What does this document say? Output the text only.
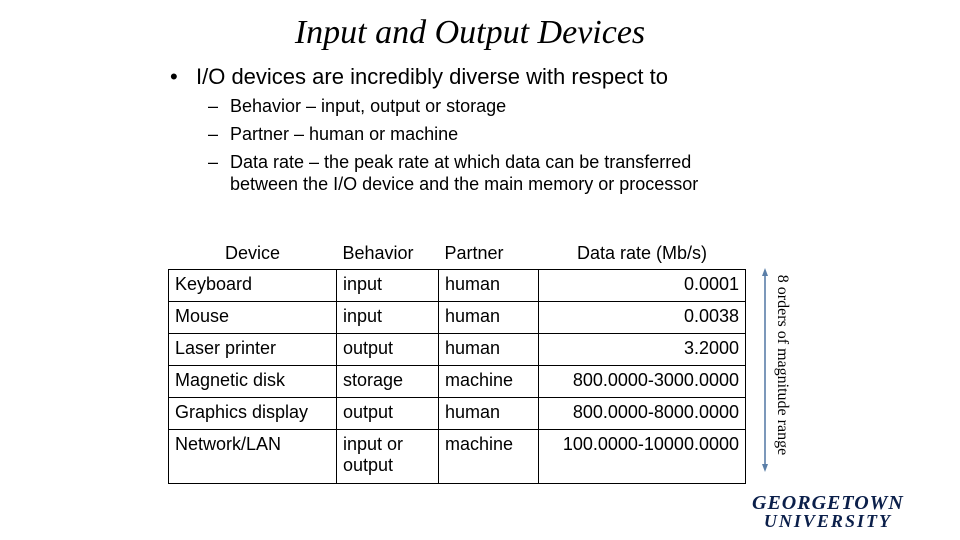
Input and Output Devices
• I/O devices are incredibly diverse with respect to
– Behavior – input, output or storage
– Partner – human or machine
– Data rate – the peak rate at which data can be transferred
between the I/O device and the main memory or processor
Device	Behavior	Partner	Data rate (Mb/s)
Keyboard	input	human	0.0001
Mouse	input	human	0.0038
Laser printer	output	human	3.2000
Magnetic disk	storage	machine	800.0000-3000.0000
Graphics display	output	human	800.0000-8000.0000
Network/LAN	input or output	machine	100.0000-10000.0000 8 orders of magnitude range
GEORGETOWN
UNIVERSITY
